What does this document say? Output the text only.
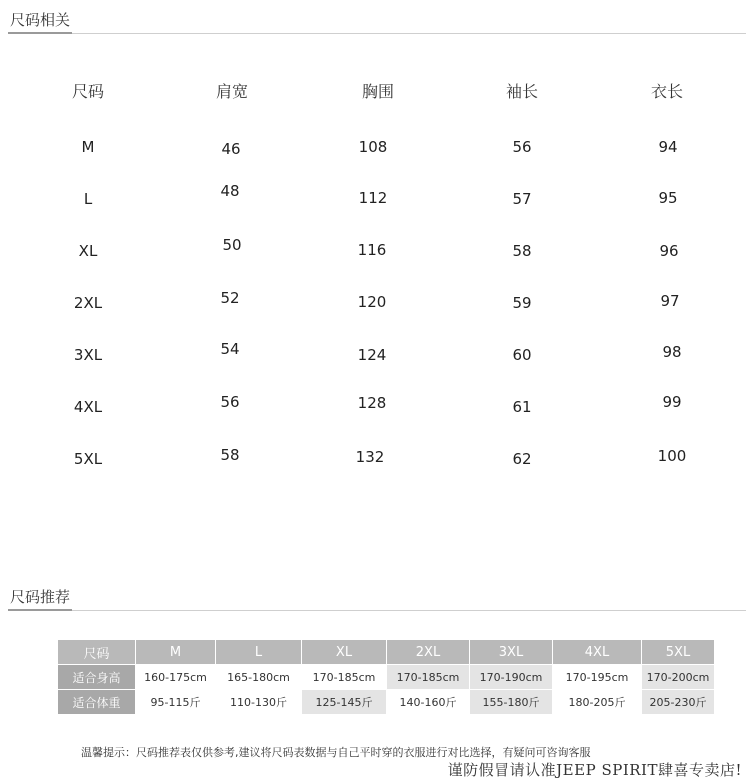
尺码相关
尺码	肩宽	胸围	袖长	衣长
M	46	108	56	94
L	48	112	57	95
XL	50	116	58	96
2XL	52	120	59	97
3XL	54	124	60	98
4XL	56	128	61	99
5XL	58	132	62	100
尺码推荐
尺码	M	L	XL	2XL	3XL	4XL	5XL
适合身高	160-175cm	165-180cm	170-185cm	170-185cm	170-190cm	170-195cm	170-200cm
适合体重	95-115斤	110-130斤	125-145斤	140-160斤	155-180斤	180-205斤	205-230斤
温馨提示：尺码推荐表仅供参考,建议将尺码表数据与自己平时穿的衣服进行对比选择，有疑问可咨询客服
谨防假冒请认准JEEP SPIRIT肆喜专卖店!
